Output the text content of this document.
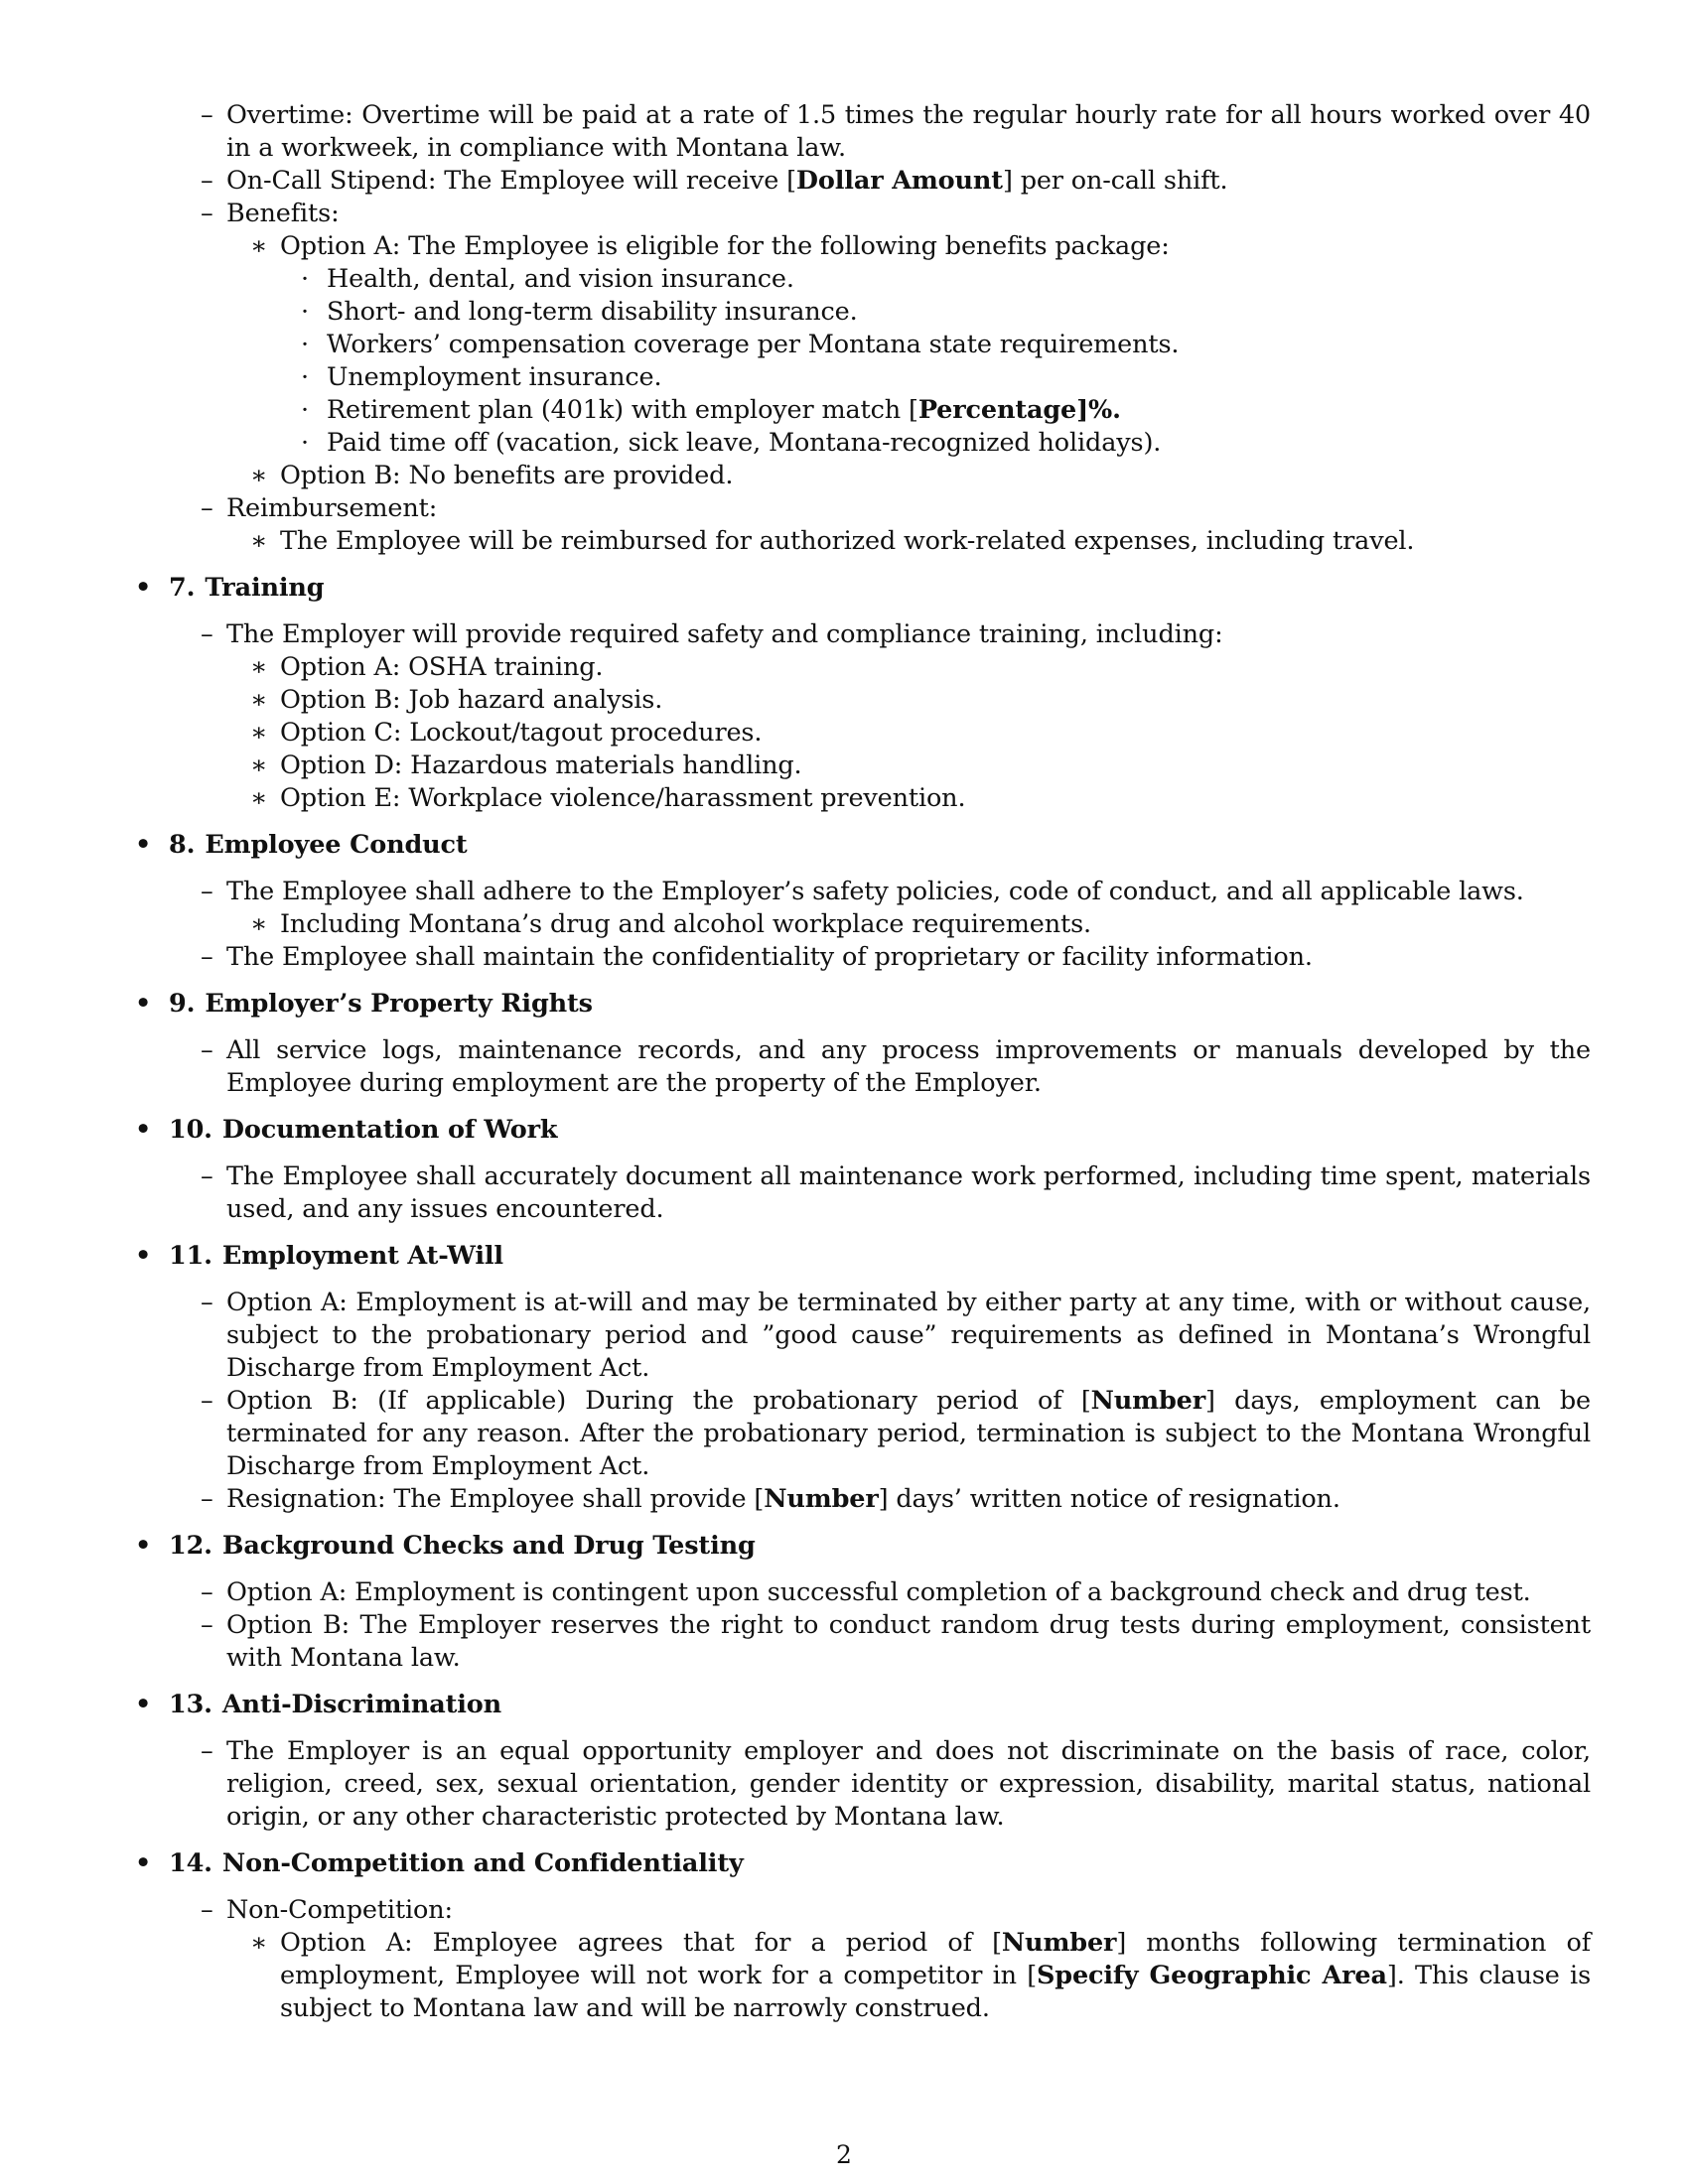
– Overtime: Overtime will be paid at a rate of 1.5 times the regular hourly rate for all hours worked over 40 in a workweek, in compliance with Montana law.
– On-Call Stipend: The Employee will receive [Dollar Amount] per on-call shift.
– Benefits:
∗ Option A: The Employee is eligible for the following benefits package:
· Health, dental, and vision insurance.
· Short- and long-term disability insurance.
· Workers’ compensation coverage per Montana state requirements.
· Unemployment insurance.
· Retirement plan (401k) with employer match [Percentage]%.
· Paid time off (vacation, sick leave, Montana-recognized holidays).
∗ Option B: No benefits are provided.
– Reimbursement:
∗ The Employee will be reimbursed for authorized work-related expenses, including travel.
• 7. Training
– The Employer will provide required safety and compliance training, including:
∗ Option A: OSHA training.
∗ Option B: Job hazard analysis.
∗ Option C: Lockout/tagout procedures.
∗ Option D: Hazardous materials handling.
∗ Option E: Workplace violence/harassment prevention.
• 8. Employee Conduct
– The Employee shall adhere to the Employer’s safety policies, code of conduct, and all applicable laws.
∗ Including Montana’s drug and alcohol workplace requirements.
– The Employee shall maintain the confidentiality of proprietary or facility information.
• 9. Employer’s Property Rights
– All service logs, maintenance records, and any process improvements or manuals developed by the Employee during employment are the property of the Employer.
• 10. Documentation of Work
– The Employee shall accurately document all maintenance work performed, including time spent, materials used, and any issues encountered.
• 11. Employment At-Will
– Option A: Employment is at-will and may be terminated by either party at any time, with or without cause, subject to the probationary period and ”good cause” requirements as defined in Montana’s Wrongful Discharge from Employment Act.
– Option B: (If applicable) During the probationary period of [Number] days, employment can be terminated for any reason. After the probationary period, termination is subject to the Montana Wrongful Discharge from Employment Act.
– Resignation: The Employee shall provide [Number] days’ written notice of resignation.
• 12. Background Checks and Drug Testing
– Option A: Employment is contingent upon successful completion of a background check and drug test.
– Option B: The Employer reserves the right to conduct random drug tests during employment, consistent with Montana law.
• 13. Anti-Discrimination
– The Employer is an equal opportunity employer and does not discriminate on the basis of race, color, religion, creed, sex, sexual orientation, gender identity or expression, disability, marital status, national origin, or any other characteristic protected by Montana law.
• 14. Non-Competition and Confidentiality
– Non-Competition:
∗ Option A: Employee agrees that for a period of [Number] months following termination of employment, Employee will not work for a competitor in [Specify Geographic Area]. This clause is subject to Montana law and will be narrowly construed.
2
